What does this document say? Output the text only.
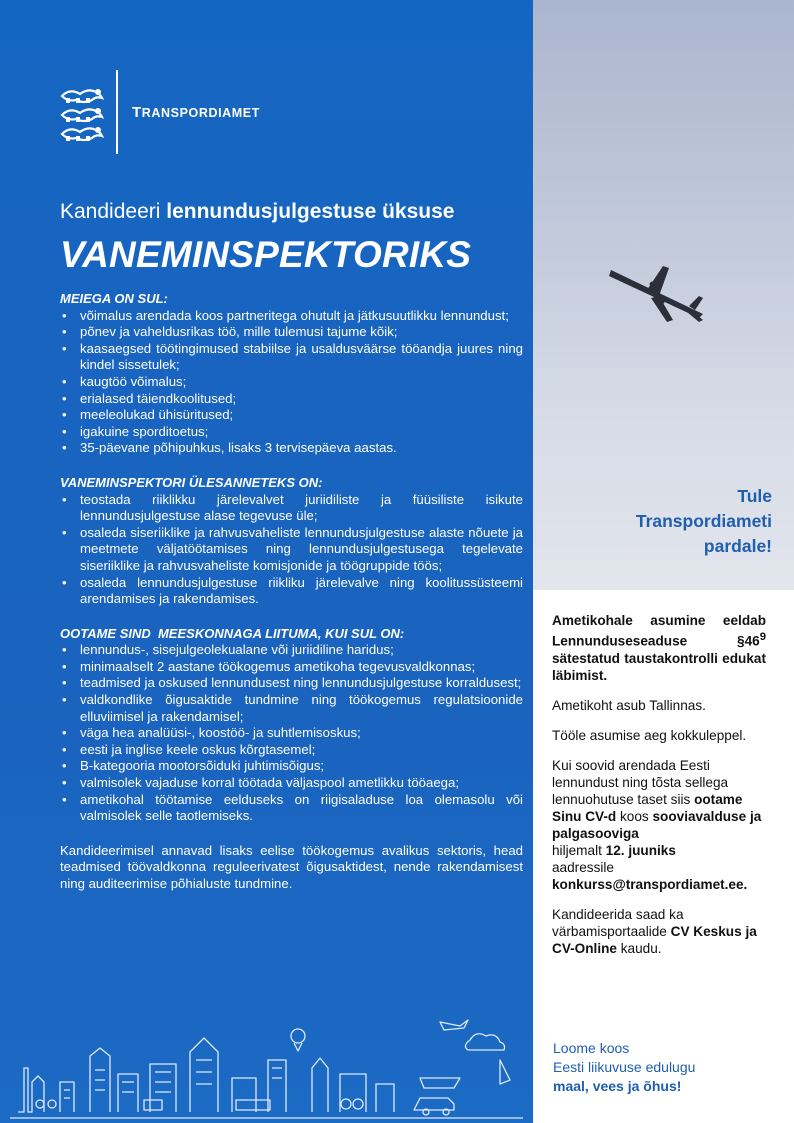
TRANSPORDIAMET
Kandideeri lennundusjulgestuse üksuse
VANEMINSPEKTORIKS
MEIEGA ON SUL:
• võimalus arendada koos partneritega ohutult ja jätkusuutlikku lennundust;
• põnev ja vaheldusrikas töö, mille tulemusi tajume kõik;
• kaasaegsed töötingimused stabiilse ja usaldusväärse tööandja juures ning kindel sissetulek;
• kaugtöö võimalus;
• erialased täiendkoolitused;
• meeleolukad ühisüritused;
• igakuine sporditoetus;
• 35-päevane põhipuhkus, lisaks 3 tervisepäeva aastas.
VANEMINSPEKTORI ÜLESANNETEKS ON:
• teostada riiklikku järelevalvet juriidiliste ja füüsiliste isikute lennundusjulgestuse alase tegevuse üle;
• osaleda siseriiklike ja rahvusvaheliste lennundusjulgestuse alaste nõuete ja meetmete väljatöötamises ning lennundusjulgestusega tegelevate siseriiklike ja rahvusvaheliste komisjonide ja töögruppide töös;
• osaleda lennundusjulgestuse riikliku järelevalve ning koolitussüsteemi arendamises ja rakendamises.
OOTAME SIND  MEESKONNAGA LIITUMA, KUI SUL ON:
• lennundus-, sisejulgeolekualane või juriidiline haridus;
• minimaalselt 2 aastane töökogemus ametikoha tegevusvaldkonnas;
• teadmised ja oskused lennundusest ning lennundusjulgestuse korraldusest;
• valdkondlike õigusaktide tundmine ning töökogemus regulatsioonide elluviimisel ja rakendamisel;
• väga hea analüüsi-, koostöö- ja suhtlemisoskus;
• eesti ja inglise keele oskus kõrgtasemel;
• B-kategooria mootorsõiduki juhtimisõigus;
• valmisolek vajaduse korral töötada väljaspool ametlikku tööaega;
• ametikohal töötamise eelduseks on riigisaladuse loa olemasolu või valmisolek selle taotlemiseks.

Kandideerimisel annavad lisaks eelise töökogemus avalikus sektoris, head teadmised töövaldkonna reguleerivatest õigusaktidest, nende rakendamisest ning auditeerimise põhialuste tundmine.

Tule
Transpordiameti
pardale!

Ametikohale asumine eeldab Lennunduseseaduse $\S 46^9$ sätestatud taustakontrolli edukat läbimist.

Ametikoht asub Tallinnas.

Tööle asumise aeg kokkuleppel.

Kui soovid arendada Eesti lennundust ning tõsta sellega lennuohutuse taset siis ootame Sinu CV-d koos sooviavalduse ja palgasooviga
hiljemalt 12. juuniks
aadressile
konkurss@transpordiamet.ee.

Kandideerida saad ka värbamisportaalide CV Keskus ja CV-Online kaudu.

Loome koos
Eesti liikuvuse edulugu
maal, vees ja õhus!
